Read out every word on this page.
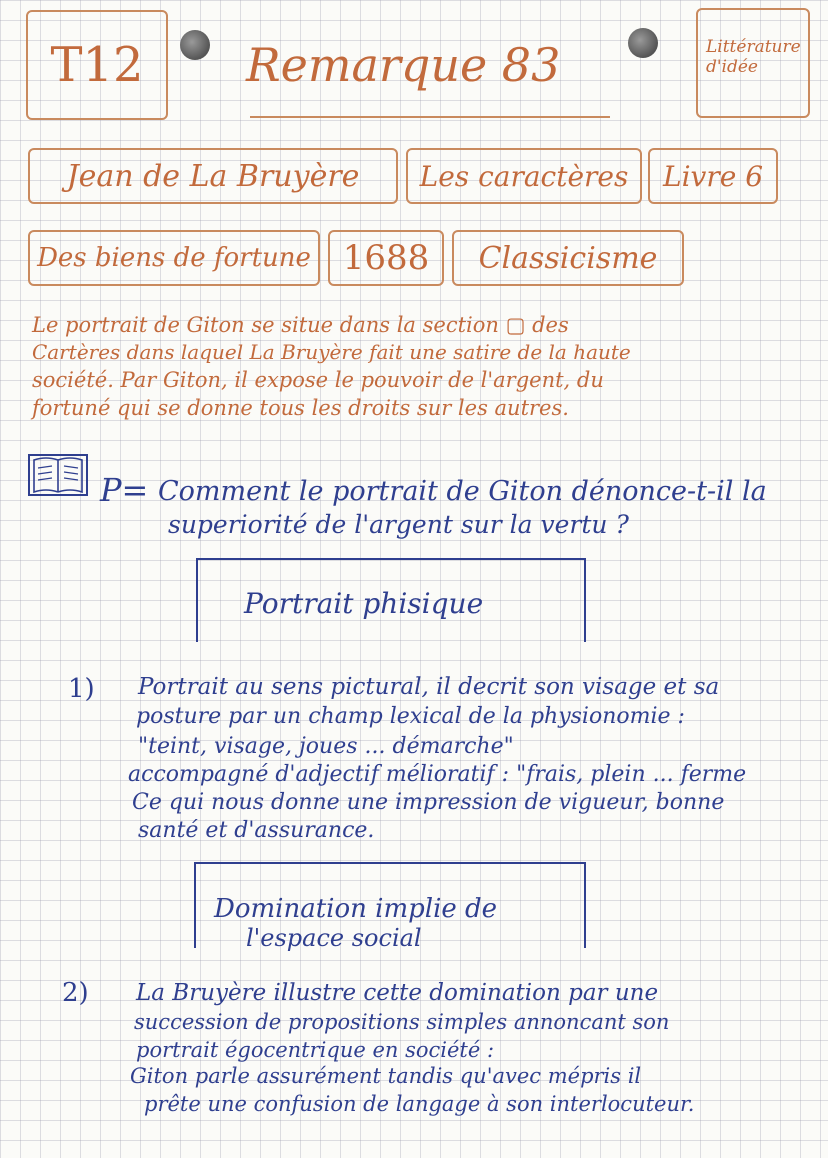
T12 Remarque 83	Littérature
d'idée
Jean de La Bruyère Les caractères Livre 6
Des biens de fortune 1688 Classicisme
Le portrait de Giton se situe dans la section ▢ des
Cartères dans laquel La Bruyère fait une satire de la haute
société. Par Giton, il expose le pouvoir de l'argent, du
fortuné qui se donne tous les droits sur les autres.
P= Comment le portrait de Giton dénonce-t-il la
superiorité de l'argent sur la vertu ?
Portrait phisique
1) Portrait au sens pictural, il decrit son visage et sa
posture par un champ lexical de la physionomie :
"teint, visage, joues ... démarche"
accompagné d'adjectif mélioratif : "frais, plein ... ferme
Ce qui nous donne une impression de vigueur, bonne
santé et d'assurance.
Domination implie de
l'espace social
2) La Bruyère illustre cette domination par une
succession de propositions simples annoncant son
portrait égocentrique en société :
Giton parle assurément tandis qu'avec mépris il
prête une confusion de langage à son interlocuteur.
